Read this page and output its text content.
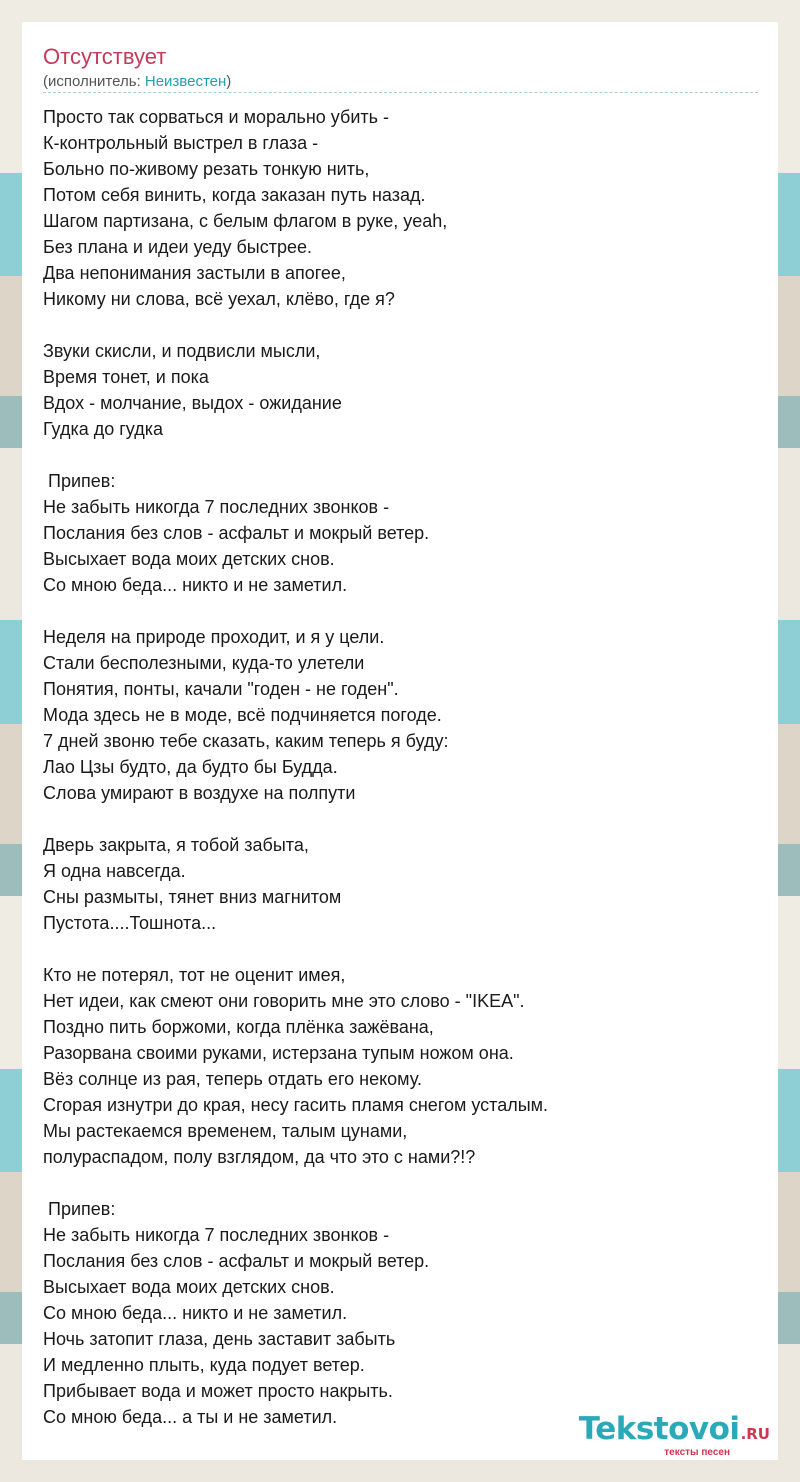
Отсутствует
(исполнитель: Неизвестен)
Просто так сорваться и морально убить -
К-контрольный выстрел в глаза -
Больно по-живому резать тонкую нить,
Потом себя винить, когда заказан путь назад.
Шагом партизана, с белым флагом в руке, yeah,
Без плана и идеи уеду быстрее.
Два непонимания застыли в апогее,
Никому ни слова, всё уехал, клёво, где я?
Звуки скисли, и подвисли мысли,
Время тонет, и пока
Вдох - молчание, выдох - ожидание
Гудка до гудка
Припев:
Не забыть никогда 7 последних звонков -
Послания без слов - асфальт и мокрый ветер.
Высыхает вода моих детских снов.
Со мною беда... никто и не заметил.
Неделя на природе проходит, и я у цели.
Стали бесполезными, куда-то улетели
Понятия, понты, качали "годен - не годен".
Мода здесь не в моде, всё подчиняется погоде.
7 дней звоню тебе сказать, каким теперь я буду:
Лао Цзы будто, да будто бы Будда.
Слова умирают в воздухе на полпути
Дверь закрыта, я тобой забыта,
Я одна навсегда.
Сны размыты, тянет вниз магнитом
Пустота....Тошнота...
Кто не потерял, тот не оценит имея,
Нет идеи, как смеют они говорить мне это слово - "IKEA".
Поздно пить боржоми, когда плёнка зажёвана,
Разорвана своими руками, истерзана тупым ножом она.
Вёз солнце из рая, теперь отдать его некому.
Сгорая изнутри до края, несу гасить пламя снегом усталым.
Мы растекаемся временем, талым цунами,
полураспадом, полу взглядом, да что это с нами?!?
Припев:
Не забыть никогда 7 последних звонков -
Послания без слов - асфальт и мокрый ветер.
Высыхает вода моих детских снов.
Со мною беда... никто и не заметил.
Ночь затопит глаза, день заставит забыть
И медленно плыть, куда подует ветер.
Прибывает вода и может просто накрыть.
Со мною беда... а ты и не заметил.	Tekstovoi.RU
тексты песен
